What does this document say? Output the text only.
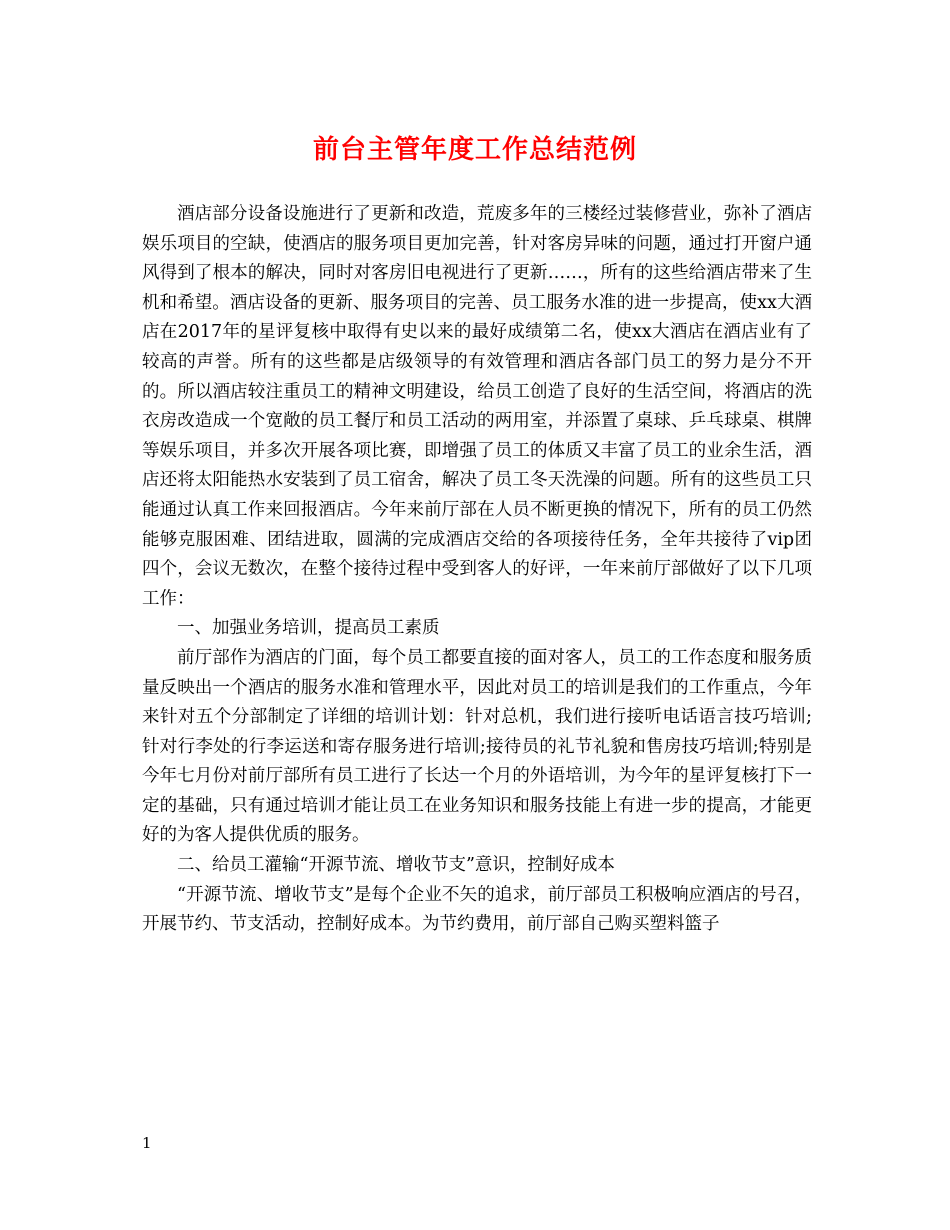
前台主管年度工作总结范例

酒店部分设备设施进行了更新和改造，荒废多年的三楼经过装修营业，弥补了酒店娱乐项目的空缺，使酒店的服务项目更加完善，针对客房异味的问题，通过打开窗户通风得到了根本的解决，同时对客房旧电视进行了更新……，所有的这些给酒店带来了生机和希望。酒店设备的更新、服务项目的完善、员工服务水准的进一步提高，使xx大酒店在2017年的星评复核中取得有史以来的最好成绩第二名，使xx大酒店在酒店业有了较高的声誉。所有的这些都是店级领导的有效管理和酒店各部门员工的努力是分不开的。所以酒店较注重员工的精神文明建设，给员工创造了良好的生活空间，将酒店的洗衣房改造成一个宽敞的员工餐厅和员工活动的两用室，并添置了桌球、乒乓球桌、棋牌等娱乐项目，并多次开展各项比赛，即增强了员工的体质又丰富了员工的业余生活，酒店还将太阳能热水安装到了员工宿舍，解决了员工冬天洗澡的问题。所有的这些员工只能通过认真工作来回报酒店。今年来前厅部在人员不断更换的情况下，所有的员工仍然能够克服困难、团结进取，圆满的完成酒店交给的各项接待任务，全年共接待了vip团四个，会议无数次，在整个接待过程中受到客人的好评，一年来前厅部做好了以下几项工作：

一、加强业务培训，提高员工素质

前厅部作为酒店的门面，每个员工都要直接的面对客人，员工的工作态度和服务质量反映出一个酒店的服务水准和管理水平，因此对员工的培训是我们的工作重点，今年来针对五个分部制定了详细的培训计划：针对总机，我们进行接听电话语言技巧培训;针对行李处的行李运送和寄存服务进行培训;接待员的礼节礼貌和售房技巧培训;特别是今年七月份对前厅部所有员工进行了长达一个月的外语培训，为今年的星评复核打下一定的基础，只有通过培训才能让员工在业务知识和服务技能上有进一步的提高，才能更好的为客人提供优质的服务。

二、给员工灌输“开源节流、增收节支”意识，控制好成本

“开源节流、增收节支”是每个企业不矢的追求，前厅部员工积极响应酒店的号召，开展节约、节支活动，控制好成本。为节约费用，前厅部自己购买塑料篮子

1
